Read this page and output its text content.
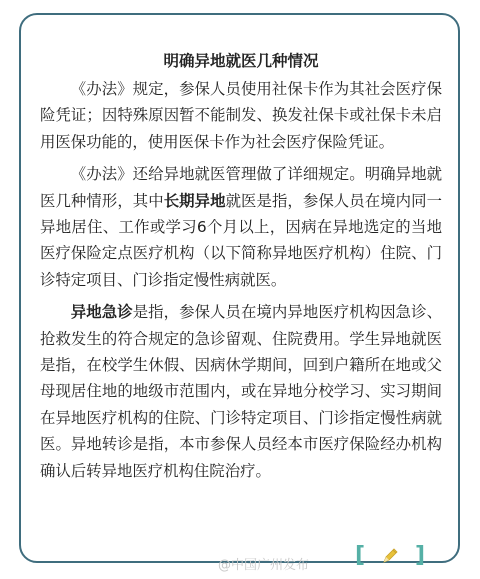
明确异地就医几种情况

《办法》规定，参保人员使用社保卡作为其社会医疗保险凭证；因特殊原因暂不能制发、换发社保卡或社保卡未启用医保功能的，使用医保卡作为社会医疗保险凭证。

《办法》还给异地就医管理做了详细规定。明确异地就医几种情形，其中长期异地就医是指，参保人员在境内同一异地居住、工作或学习6个月以上，因病在异地选定的当地医疗保险定点医疗机构（以下简称异地医疗机构）住院、门诊特定项目、门诊指定慢性病就医。

异地急诊是指，参保人员在境内异地医疗机构因急诊、抢救发生的符合规定的急诊留观、住院费用。学生异地就医是指，在校学生休假、因病休学期间，回到户籍所在地或父母现居住地的地级市范围内，或在异地分校学习、实习期间在异地医疗机构的住院、门诊特定项目、门诊指定慢性病就医。异地转诊是指，本市参保人员经本市医疗保险经办机构确认后转异地医疗机构住院治疗。

[ ]
@中国广州发布
